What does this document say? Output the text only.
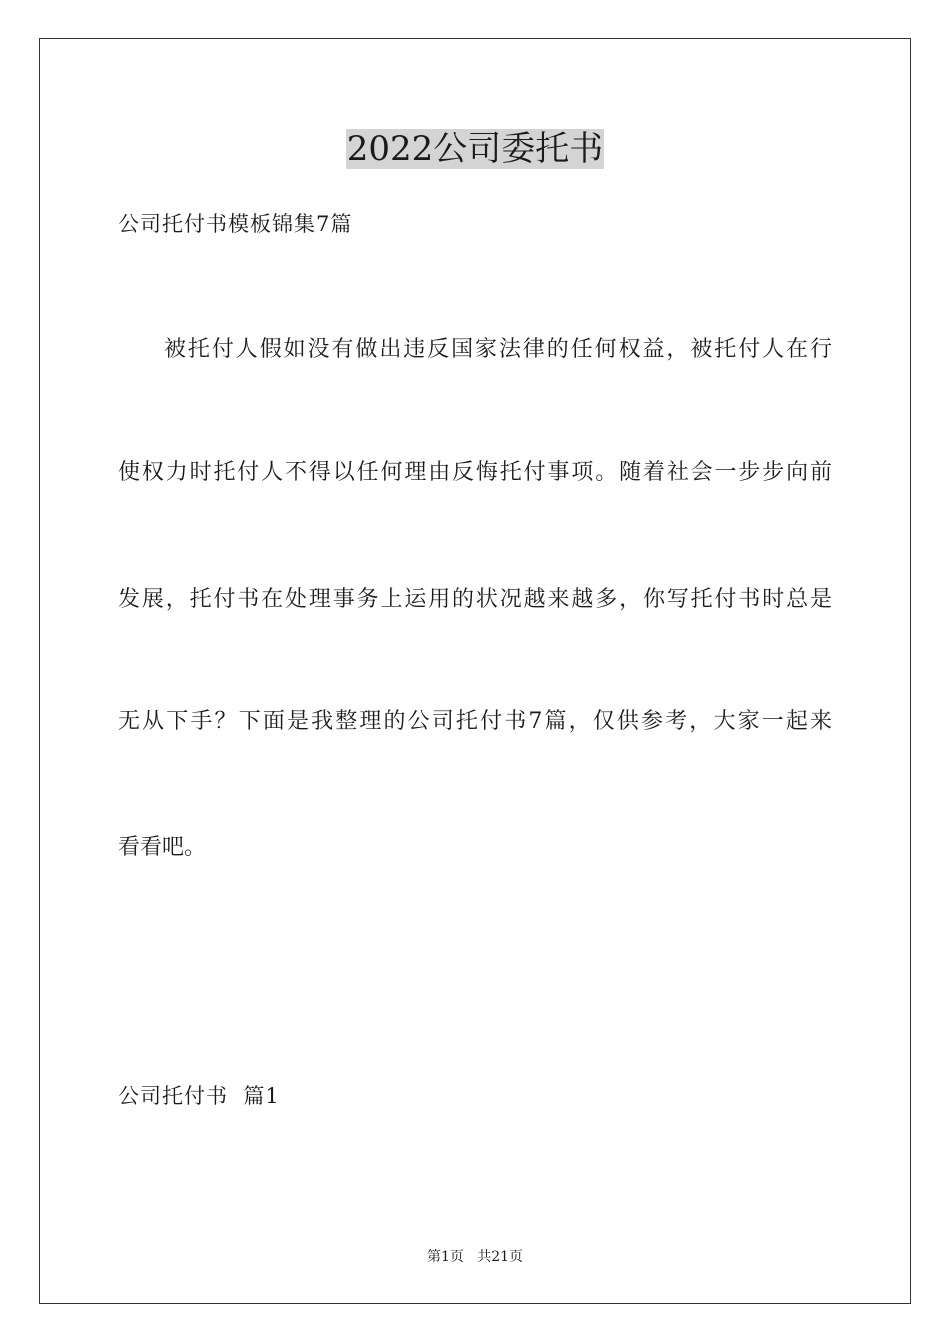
2022公司委托书
公司托付书模板锦集7篇
被托付人假如没有做出违反国家法律的任何权益，被托付人在行
使权力时托付人不得以任何理由反悔托付事项。随着社会一步步向前
发展，托付书在处理事务上运用的状况越来越多，你写托付书时总是
无从下手？下面是我整理的公司托付书7篇，仅供参考，大家一起来
看看吧。
公司托付书  篇1
第1页   共21页
